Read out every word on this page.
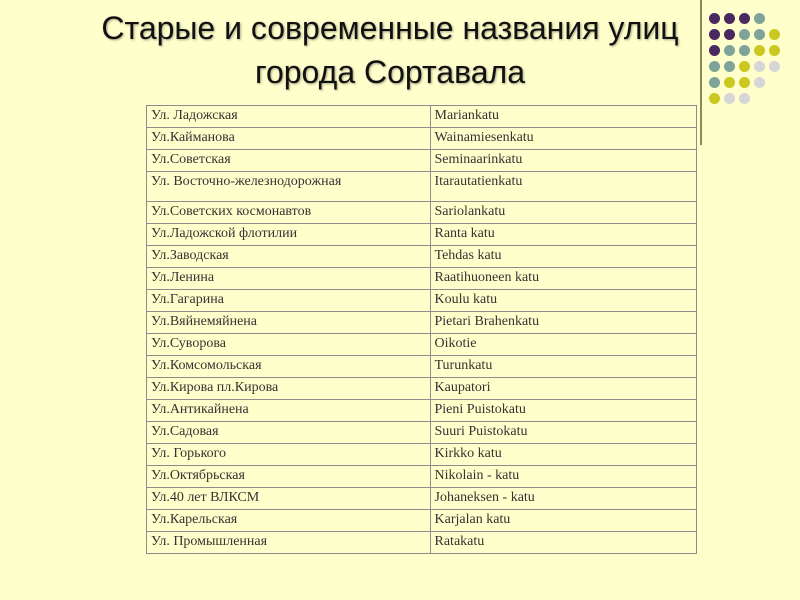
Старые и современные названия улиц
города Сортавала
Ул. Ладожская	Mariankatu
Ул.Кайманова	Wainamiesenkatu
Ул.Советская	Seminaarinkatu
Ул. Восточно-железнодорожная	Itarautatienkatu
Ул.Советских космонавтов	Sariolankatu
Ул.Ладожской флотилии	Ranta katu
Ул.Заводская	Tehdas katu
Ул.Ленина	Raatihuoneen katu
Ул.Гагарина	Koulu katu
Ул.Вяйнемяйнена	Pietari Brahenkatu
Ул.Суворова	Oikotie
Ул.Комсомольская	Turunkatu
Ул.Кирова пл.Кирова	Kaupatori
Ул.Антикайнена	Pieni Puistokatu
Ул.Садовая	Suuri Puistokatu
Ул. Горького	Kirkko katu
Ул.Октябрьская	Nikolain - katu
Ул.40 лет ВЛКСМ	Johaneksen - katu
Ул.Карельская	Karjalan katu
Ул. Промышленная	Ratakatu
